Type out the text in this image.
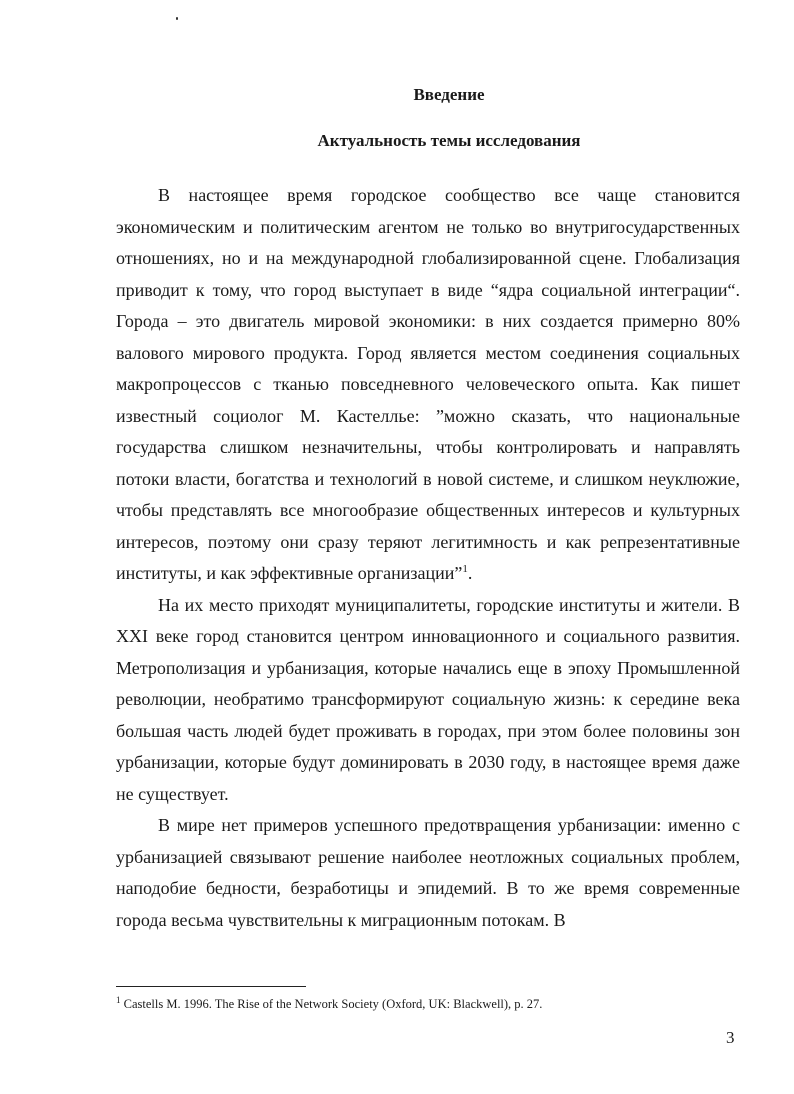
Введение
Актуальность темы исследования

В настоящее время городское сообщество все чаще становится экономическим и политическим агентом не только во внутригосударственных отношениях, но и на международной глобализированной сцене. Глобализация приводит к тому, что город выступает в виде “ядра социальной интеграции“. Города – это двигатель мировой экономики: в них создается примерно 80% валового мирового продукта. Город является местом соединения социальных макропроцессов с тканью повседневного человеческого опыта. Как пишет известный социолог М. Кастеллье: ”можно сказать, что национальные государства слишком незначительны, чтобы контролировать и направлять потоки власти, богатства и технологий в новой системе, и слишком неуклюжие, чтобы представлять все многообразие общественных интересов и культурных интересов, поэтому они сразу теряют легитимность и как репрезентативные институты, и как эффективные организации”$^1$.

На их место приходят муниципалитеты, городские институты и жители. В XXI веке город становится центром инновационного и социального развития. Метрополизация и урбанизация, которые начались еще в эпоху Промышленной революции, необратимо трансформируют социальную жизнь: к середине века большая часть людей будет проживать в городах, при этом более половины зон урбанизации, которые будут доминировать в 2030 году, в настоящее время даже не существует.

В мире нет примеров успешного предотвращения урбанизации: именно с урбанизацией связывают решение наиболее неотложных социальных проблем, наподобие бедности, безработицы и эпидемий. В то же время современные города весьма чувствительны к миграционным потокам. В

$^1$ Castells M. 1996. The Rise of the Network Society (Oxford, UK: Blackwell), p. 27.

3
